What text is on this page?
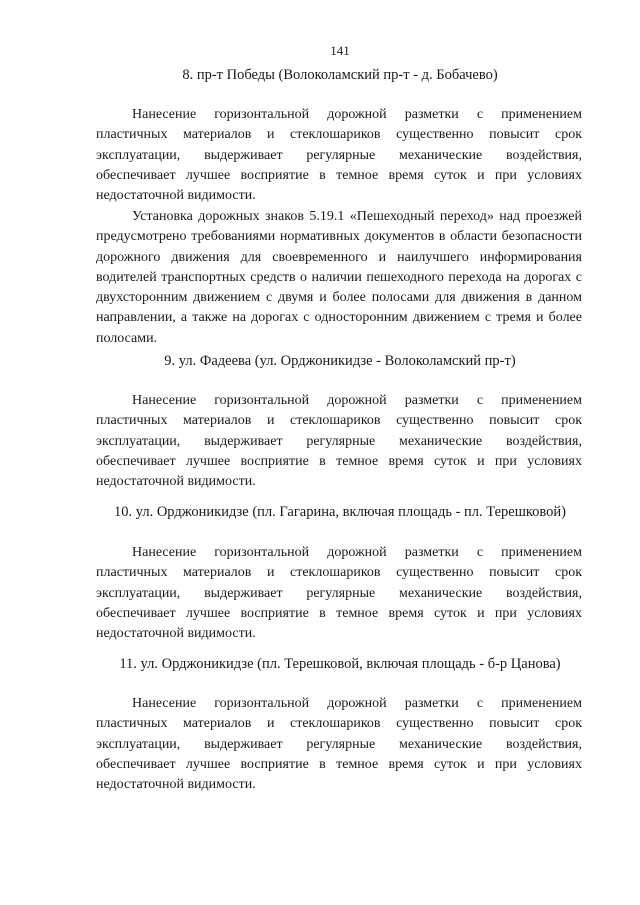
141
8. пр-т Победы (Волоколамский пр-т - д. Бобачево)

Нанесение горизонтальной дорожной разметки с применением пластичных материалов и стеклошариков существенно повысит срок эксплуатации, выдерживает регулярные механические воздействия, обеспечивает лучшее восприятие в темное время суток и при условиях недостаточной видимости.

Установка дорожных знаков 5.19.1 «Пешеходный переход» над проезжей предусмотрено требованиями нормативных документов в области безопасности дорожного движения для своевременного и наилучшего информирования водителей транспортных средств о наличии пешеходного перехода на дорогах с двухсторонним движением с двумя и более полосами для движения в данном направлении, а также на дорогах с односторонним движением с тремя и более полосами.

9. ул. Фадеева (ул. Орджоникидзе - Волоколамский пр-т)

Нанесение горизонтальной дорожной разметки с применением пластичных материалов и стеклошариков существенно повысит срок эксплуатации, выдерживает регулярные механические воздействия, обеспечивает лучшее восприятие в темное время суток и при условиях недостаточной видимости.

10. ул. Орджоникидзе (пл. Гагарина, включая площадь - пл. Терешковой)

Нанесение горизонтальной дорожной разметки с применением пластичных материалов и стеклошариков существенно повысит срок эксплуатации, выдерживает регулярные механические воздействия, обеспечивает лучшее восприятие в темное время суток и при условиях недостаточной видимости.

11. ул. Орджоникидзе (пл. Терешковой, включая площадь - б-р Цанова)

Нанесение горизонтальной дорожной разметки с применением пластичных материалов и стеклошариков существенно повысит срок эксплуатации, выдерживает регулярные механические воздействия, обеспечивает лучшее восприятие в темное время суток и при условиях недостаточной видимости.
